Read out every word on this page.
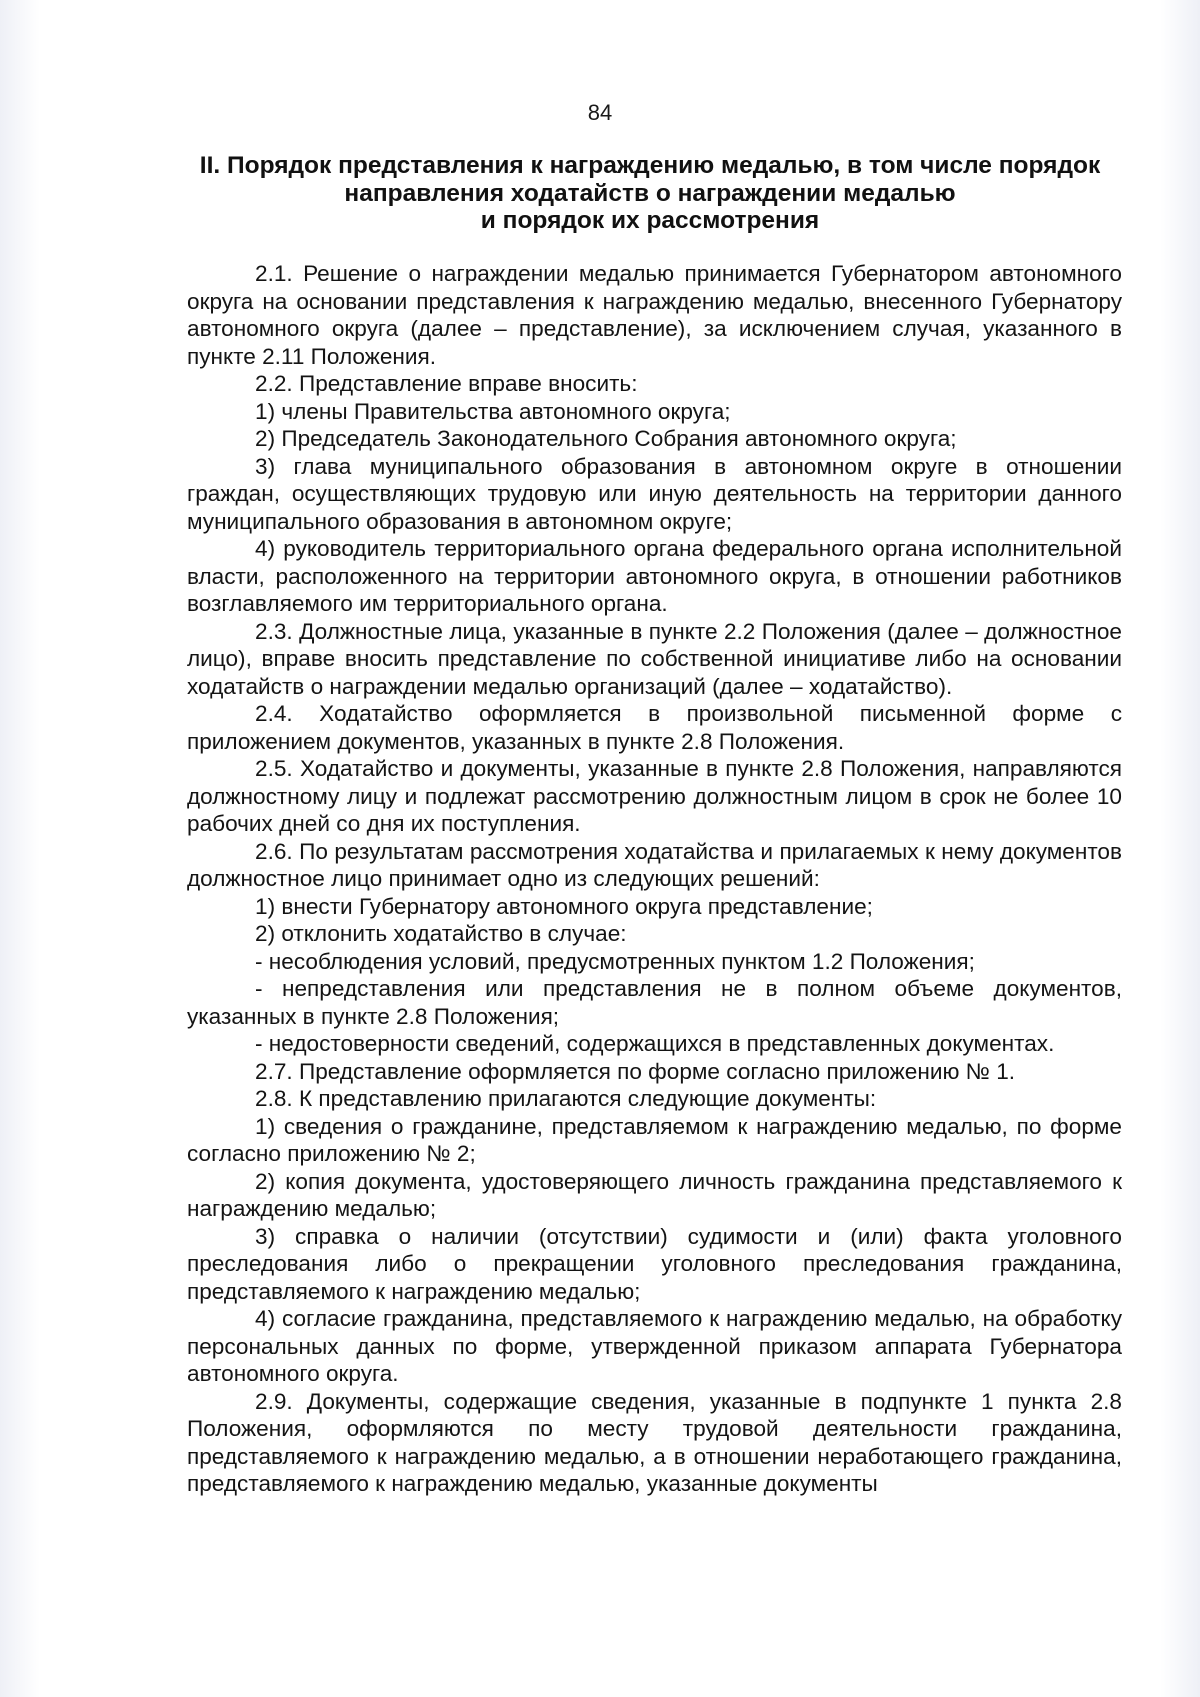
84
II. Порядок представления к награждению медалью, в том числе порядок
направления ходатайств о награждении медалью
и порядок их рассмотрения

2.1. Решение о награждении медалью принимается Губернатором автономного округа на основании представления к награждению медалью, внесенного Губернатору автономного округа (далее – представление), за исключением случая, указанного в пункте 2.11 Положения.

2.2. Представление вправе вносить:

1) члены Правительства автономного округа;

2) Председатель Законодательного Собрания автономного округа;

3) глава муниципального образования в автономном округе в отношении граждан, осуществляющих трудовую или иную деятельность на территории данного муниципального образования в автономном округе;

4) руководитель территориального органа федерального органа исполнительной власти, расположенного на территории автономного округа, в отношении работников возглавляемого им территориального органа.

2.3. Должностные лица, указанные в пункте 2.2 Положения (далее – должностное лицо), вправе вносить представление по собственной инициативе либо на основании ходатайств о награждении медалью организаций (далее – ходатайство).

2.4. Ходатайство оформляется в произвольной письменной форме с приложением документов, указанных в пункте 2.8 Положения.

2.5. Ходатайство и документы, указанные в пункте 2.8 Положения, направляются должностному лицу и подлежат рассмотрению должностным лицом в срок не более 10 рабочих дней со дня их поступления.

2.6. По результатам рассмотрения ходатайства и прилагаемых к нему документов должностное лицо принимает одно из следующих решений:

1) внести Губернатору автономного округа представление;

2) отклонить ходатайство в случае:

- несоблюдения условий, предусмотренных пунктом 1.2 Положения;

- непредставления или представления не в полном объеме документов, указанных в пункте 2.8 Положения;

- недостоверности сведений, содержащихся в представленных документах.

2.7. Представление оформляется по форме согласно приложению № 1.

2.8. К представлению прилагаются следующие документы:

1) сведения о гражданине, представляемом к награждению медалью, по форме согласно приложению № 2;

2) копия документа, удостоверяющего личность гражданина представляемого к награждению медалью;

3) справка о наличии (отсутствии) судимости и (или) факта уголовного преследования либо о прекращении уголовного преследования гражданина, представляемого к награждению медалью;

4) согласие гражданина, представляемого к награждению медалью, на обработку персональных данных по форме, утвержденной приказом аппарата Губернатора автономного округа.

2.9. Документы, содержащие сведения, указанные в подпункте 1 пункта 2.8 Положения, оформляются по месту трудовой деятельности гражданина, представляемого к награждению медалью, а в отношении неработающего гражданина, представляемого к награждению медалью, указанные документы
